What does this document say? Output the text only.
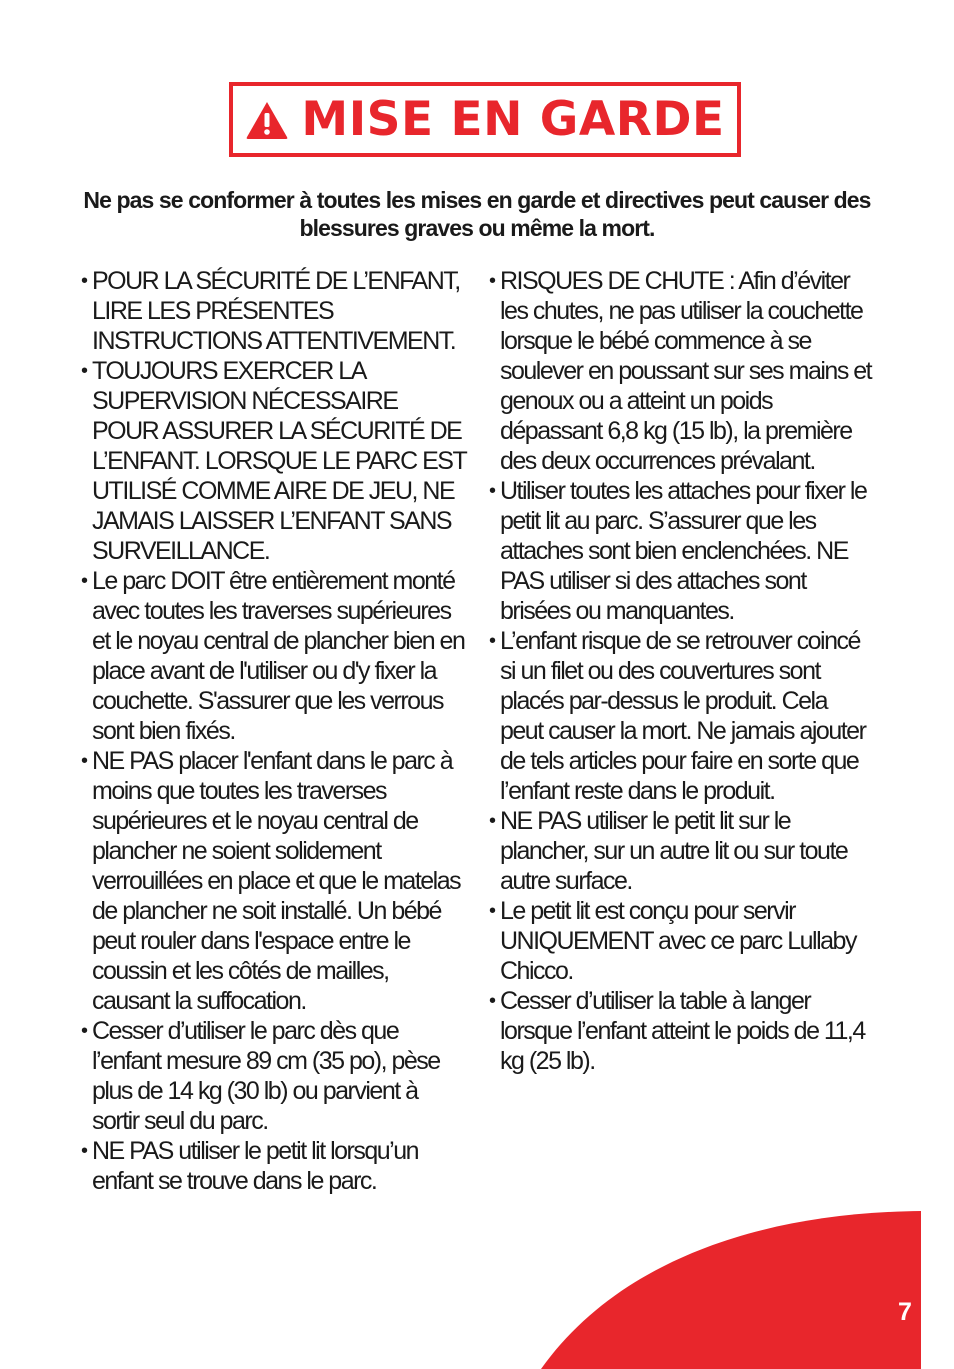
MISE EN GARDE
Ne pas se conformer à toutes les mises en garde et directives peut causer des blessures graves ou même la mort.
• POUR LA SÉCURITÉ DE L’ENFANT, LIRE LES PRÉSENTES INSTRUCTIONS ATTENTIVEMENT.
• TOUJOURS EXERCER LA SUPERVISION NÉCESSAIRE POUR ASSURER LA SÉCURITÉ DE L’ENFANT. LORSQUE LE PARC EST UTILISÉ COMME AIRE DE JEU, NE JAMAIS LAISSER L’ENFANT SANS SURVEILLANCE.
• Le parc DOIT être entièrement monté avec toutes les traverses supérieures et le noyau central de plancher bien en place avant de l'utiliser ou d'y fixer la couchette. S'assurer que les verrous sont bien fixés.
• NE PAS placer l'enfant dans le parc à moins que toutes les traverses supérieures et le noyau central de plancher ne soient solidement verrouillées en place et que le matelas de plancher ne soit installé. Un bébé peut rouler dans l'espace entre le coussin et les côtés de mailles, causant la suffocation.
• Cesser d’utiliser le parc dès que l’enfant mesure 89 cm (35 po), pèse plus de 14 kg (30 lb) ou parvient à sortir seul du parc.
• NE PAS utiliser le petit lit lorsqu’un enfant se trouve dans le parc.
• RISQUES DE CHUTE : Afin d’éviter les chutes, ne pas utiliser la couchette lorsque le bébé commence à se soulever en poussant sur ses mains et genoux ou a atteint un poids dépassant 6,8 kg (15 lb), la première des deux occurrences prévalant.
• Utiliser toutes les attaches pour fixer le petit lit au parc. S’assurer que les attaches sont bien enclenchées. NE PAS utiliser si des attaches sont brisées ou manquantes.
• L’enfant risque de se retrouver coincé si un filet ou des couvertures sont placés par-dessus le produit. Cela peut causer la mort. Ne jamais ajouter de tels articles pour faire en sorte que l’enfant reste dans le produit.
• NE PAS utiliser le petit lit sur le plancher, sur un autre lit ou sur toute autre surface.
• Le petit lit est conçu pour servir UNIQUEMENT avec ce parc Lullaby Chicco.
• Cesser d’utiliser la table à langer lorsque l’enfant atteint le poids de 11,4 kg (25 lb).
7
